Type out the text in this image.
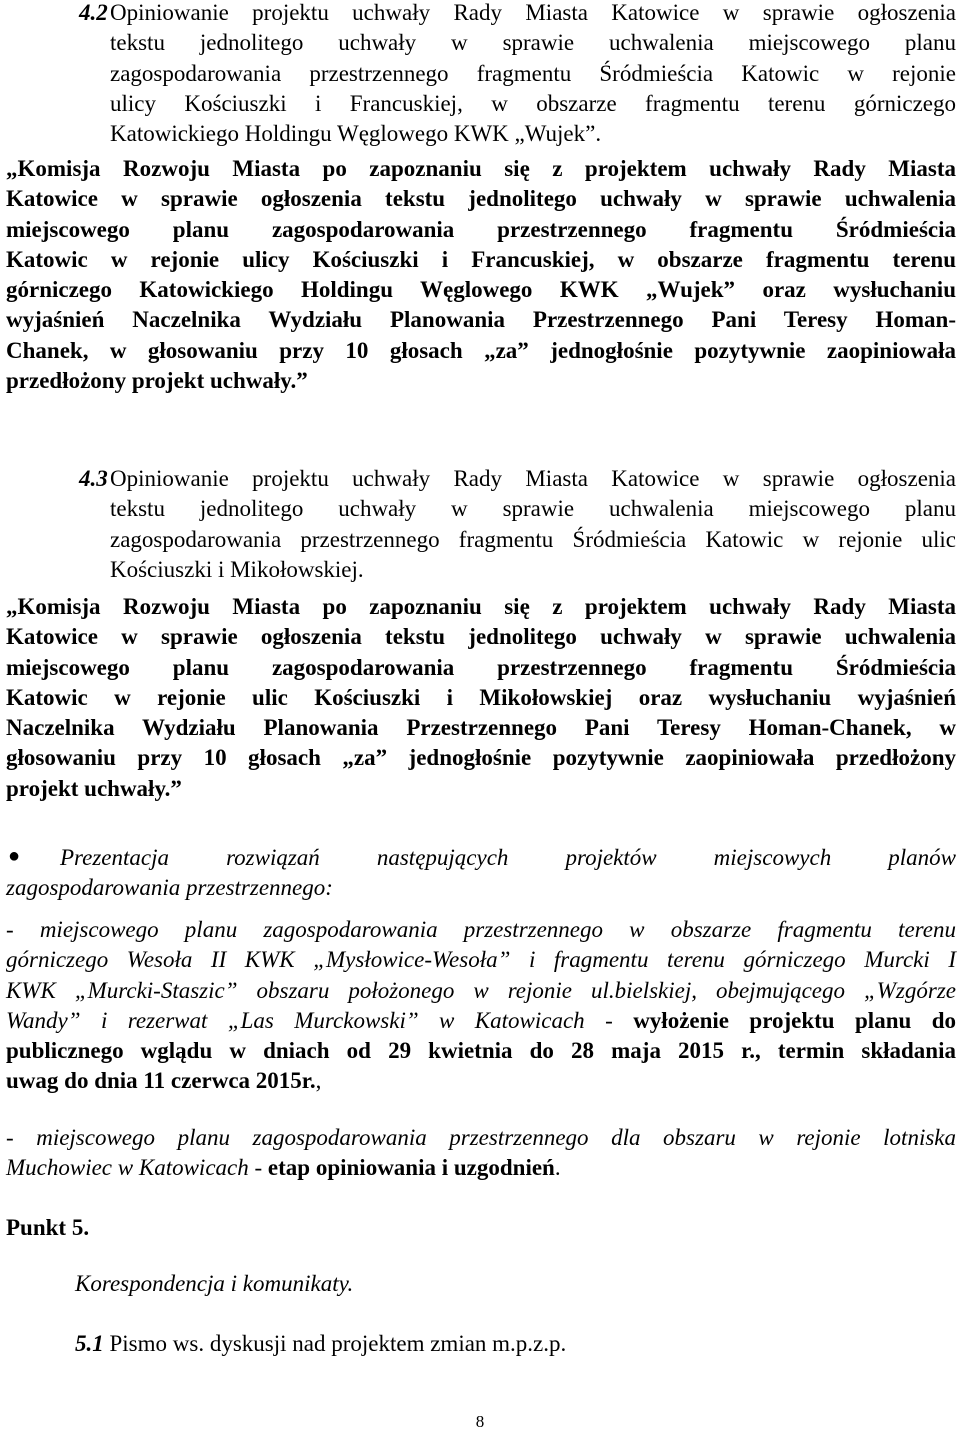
4.2 Opiniowanie projektu uchwały Rady Miasta Katowice w sprawie ogłoszenia

tekstu jednolitego uchwały w sprawie uchwalenia miejscowego planu

zagospodarowania przestrzennego fragmentu Śródmieścia Katowic w rejonie

ulicy Kościuszki i Francuskiej, w obszarze fragmentu terenu górniczego

Katowickiego Holdingu Węglowego KWK „Wujek”.

„Komisja Rozwoju Miasta po zapoznaniu się z projektem uchwały Rady Miasta

Katowice w sprawie ogłoszenia tekstu jednolitego uchwały w sprawie uchwalenia

miejscowego planu zagospodarowania przestrzennego fragmentu Śródmieścia

Katowic w rejonie ulicy Kościuszki i Francuskiej, w obszarze fragmentu terenu

górniczego Katowickiego Holdingu Węglowego KWK „Wujek” oraz wysłuchaniu

wyjaśnień Naczelnika Wydziału Planowania Przestrzennego Pani Teresy Homan-

Chanek, w głosowaniu przy 10 głosach „za” jednogłośnie pozytywnie zaopiniowała

przedłożony projekt uchwały.”

4.3 Opiniowanie projektu uchwały Rady Miasta Katowice w sprawie ogłoszenia

tekstu jednolitego uchwały w sprawie uchwalenia miejscowego planu

zagospodarowania przestrzennego fragmentu Śródmieścia Katowic w rejonie ulic

Kościuszki i Mikołowskiej.

„Komisja Rozwoju Miasta po zapoznaniu się z projektem uchwały Rady Miasta

Katowice w sprawie ogłoszenia tekstu jednolitego uchwały w sprawie uchwalenia

miejscowego planu zagospodarowania przestrzennego fragmentu Śródmieścia

Katowic w rejonie ulic Kościuszki i Mikołowskiej oraz wysłuchaniu wyjaśnień

Naczelnika Wydziału Planowania Przestrzennego Pani Teresy Homan-Chanek, w

głosowaniu przy 10 głosach „za” jednogłośnie pozytywnie zaopiniowała przedłożony

projekt uchwały.”

● Prezentacja rozwiązań następujących projektów miejscowych planów

zagospodarowania przestrzennego:

- miejscowego planu zagospodarowania przestrzennego w obszarze fragmentu terenu

górniczego Wesoła II KWK „Mysłowice-Wesoła” i fragmentu terenu górniczego Murcki I

KWK „Murcki-Staszic” obszaru położonego w rejonie ul.bielskiej, obejmującego „Wzgórze

Wandy” i rezerwat „Las Murckowski” w Katowicach - wyłożenie projektu planu do

publicznego wglądu w dniach od 29 kwietnia do 28 maja 2015 r., termin składania

uwag do dnia 11 czerwca 2015r.,

- miejscowego planu zagospodarowania przestrzennego dla obszaru w rejonie lotniska

Muchowiec w Katowicach - etap opiniowania i uzgodnień.

Punkt 5.
Korespondencja i komunikaty.
5.1 Pismo ws. dyskusji nad projektem zmian m.p.z.p.
8
